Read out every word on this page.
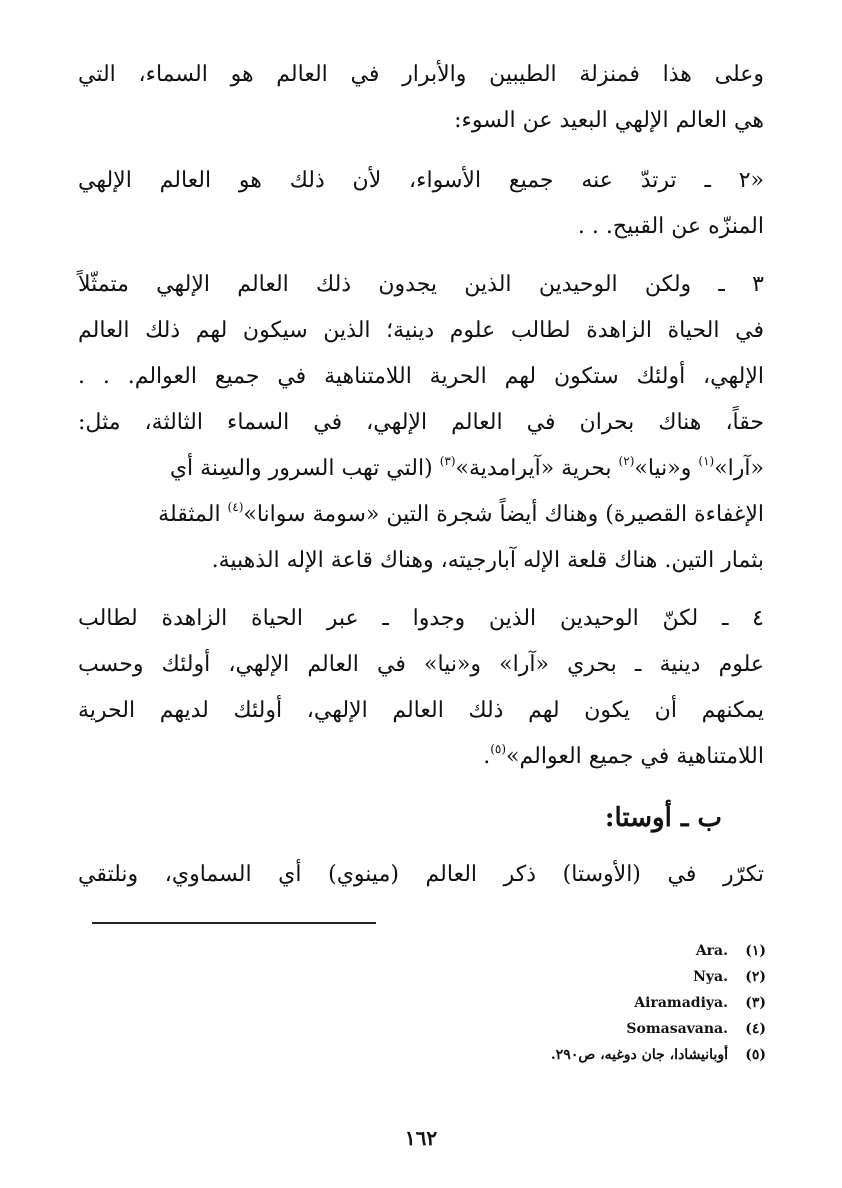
وعلى هذا فمنزلة الطيبين والأبرار في العالم هو السماء، التي
هي العالم الإلهي البعيد عن السوء:
«٢ ـ ترتدّ عنه جميع الأسواء، لأن ذلك هو العالم الإلهي
المنزّه عن القبيح. . .
٣ ـ ولكن الوحيدين الذين يجدون ذلك العالم الإلهي متمثّلاً
في الحياة الزاهدة لطالب علوم دينية؛ الذين سيكون لهم ذلك العالم
الإلهي، أولئك ستكون لهم الحرية اللامتناهية في جميع العوالم. . .
حقاً، هناك بحران في العالم الإلهي، في السماء الثالثة، مثل:
«آرا»$^{(١)}$ و«نيا»$^{(٢)}$ بحرية «آيرامدية»$^{(٣)}$ (التي تهب السرور والسِنة أي
الإغفاءة القصيرة) وهناك أيضاً شجرة التين «سومة سوانا»$^{(٤)}$ المثقلة
بثمار التين. هناك قلعة الإله آبارجيته، وهناك قاعة الإله الذهبية.
٤ ـ لكنّ الوحيدين الذين وجدوا ـ عبر الحياة الزاهدة لطالب
علوم دينية ـ بحري «آرا» و«نيا» في العالم الإلهي، أولئك وحسب
يمكنهم أن يكون لهم ذلك العالم الإلهي، أولئك لديهم الحرية
اللامتناهية في جميع العوالم»$^{(٥)}$.
ب ـ أوستا:
تكرّر في (الأوستا) ذكر العالم (مينوي) أي السماوي، ونلتقي
(١).Ara
(٢).Nya
(٣).Airamadiya
(٤).Somasavana
(٥)أوبانيشادا، جان دوغيه، ص٢٩٠.
١٦٢
